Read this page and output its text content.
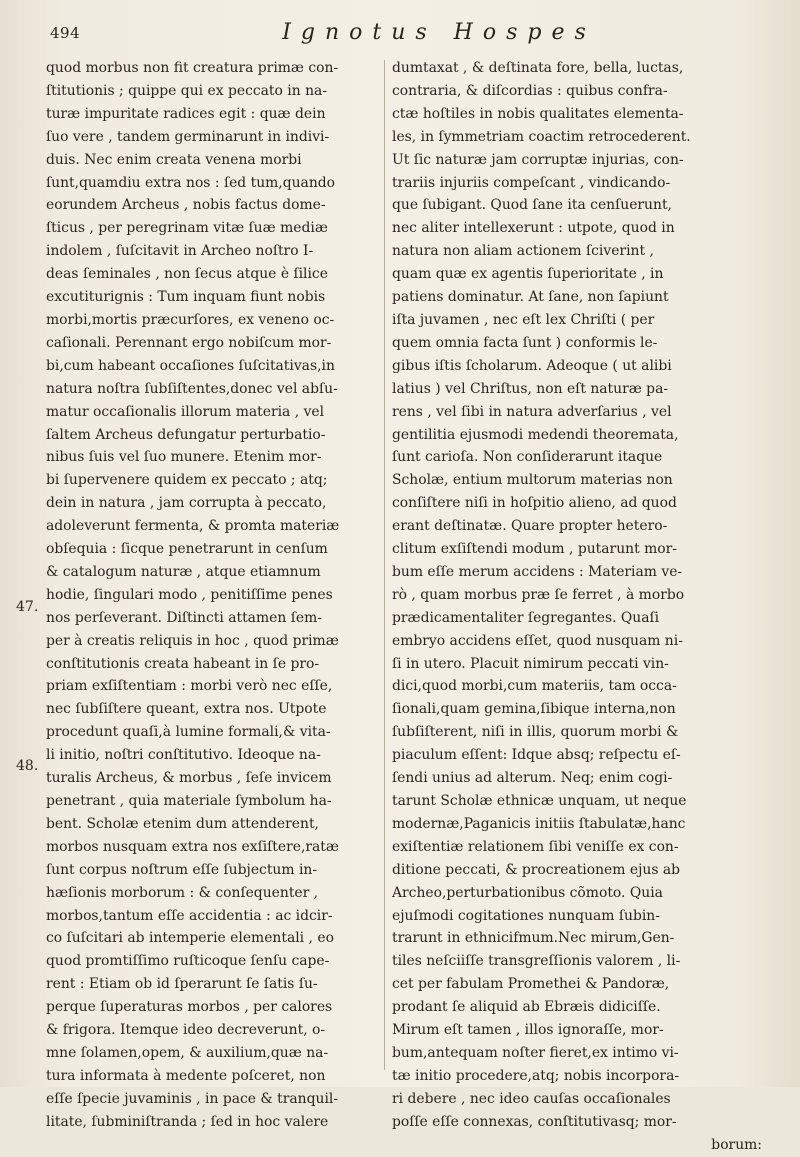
494	Ignotus Hospes
quod morbus non fit creatura primæ con-
ſtitutionis ; quippe qui ex peccato in na-
turæ impuritate radices egit : quæ dein
ſuo vere , tandem germinarunt in indivi-
duis. Nec enim creata venena morbi
ſunt,quamdiu extra nos : ſed tum,quando
eorundem Archeus , nobis factus dome-
ſticus , per peregrinam vitæ ſuæ mediæ
indolem , ſuſcitavit in Archeo noſtro I-
deas ſeminales , non ſecus atque è ſilice
excutiturignis : Tum inquam fiunt nobis
morbi,mortis præcurſores, ex veneno oc-
caſionali. Perennant ergo nobiſcum mor-
bi,cum habeant occaſiones ſuſcitativas,in
natura noſtra ſubſiſtentes,donec vel abſu-
matur occaſionalis illorum materia , vel
ſaltem Archeus defungatur perturbatio-
nibus ſuis vel ſuo munere. Etenim mor-
bi ſupervenere quidem ex peccato ; atq;
dein in natura , jam corrupta à peccato,
adoleverunt fermenta, & promta materiæ
obſequia : ſicque penetrarunt in cenſum
& catalogum naturæ , atque etiamnum
hodie, ſingulari modo , penitiſſime penes
nos perſeverant. Diſtincti attamen ſem-
per à creatis reliquis in hoc , quod primæ
conſtitutionis creata habeant in ſe pro-
priam exſiſtentiam : morbi verò nec eſſe,
nec ſubſiſtere queant, extra nos. Utpote
procedunt quaſi,à lumine formali,& vita-
li initio, noſtri conſtitutivo. Ideoque na-
turalis Archeus, & morbus , ſeſe invicem
penetrant , quia materiale ſymbolum ha-
bent. Scholæ etenim dum attenderent,
morbos nusquam extra nos exſiſtere,ratæ
ſunt corpus noſtrum eſſe ſubjectum in-
hæſionis morborum : & conſequenter ,
morbos,tantum eſſe accidentia : ac idcir-
co ſuſcitari ab intemperie elementali , eo
quod promtiſſimo ruſticoque ſenſu cape-
rent : Etiam ob id ſperarunt ſe ſatis ſu-
perque ſuperaturas morbos , per calores
& frigora. Itemque ideo decreverunt, o-
mne ſolamen,opem, & auxilium,quæ na-
tura informata à medente poſceret, non
eſſe ſpecie juvaminis , in pace & tranquil-
litate, ſubminiſtranda ; ſed in hoc valere
dumtaxat , & deſtinata fore, bella, luctas,
contraria, & diſcordias : quibus confra-
ctæ hoſtiles in nobis qualitates elementa-
les, in ſymmetriam coactim retrocederent.
Ut ſic naturæ jam corruptæ injurias, con-
trariis injuriis compeſcant , vindicando-
que ſubigant. Quod ſane ita cenſuerunt,
nec aliter intellexerunt : utpote, quod in
natura non aliam actionem ſciverint ,
quam quæ ex agentis ſuperioritate , in
patiens dominatur. At ſane, non ſapiunt
iſta juvamen , nec eſt lex Chriſti ( per
quem omnia facta ſunt ) conformis le-
gibus iſtis ſcholarum. Adeoque ( ut alibi
latius ) vel Chriſtus, non eſt naturæ pa-
rens , vel ſibi in natura adverſarius , vel
gentilitia ejusmodi medendi theoremata,
ſunt carioſa. Non conſiderarunt itaque
Scholæ, entium multorum materias non
conſiſtere niſi in hoſpitio alieno, ad quod
erant deſtinatæ. Quare propter hetero-
clitum exſiſtendi modum , putarunt mor-
bum eſſe merum accidens : Materiam ve-
rò , quam morbus præ ſe ferret , à morbo
prædicamentaliter ſegregantes. Quaſi
embryo accidens eſſet, quod nusquam ni-
ſi in utero. Placuit nimirum peccati vin-
dici,quod morbi,cum materiis, tam occa-
ſionali,quam gemina,ſibique interna,non
ſubſiſterent, niſi in illis, quorum morbi &
piaculum eſſent: Idque absq; reſpectu eſ-
ſendi unius ad alterum. Neq; enim cogi-
tarunt Scholæ ethnicæ unquam, ut neque
modernæ,Paganicis initiis ſtabulatæ,hanc
exiſtentiæ relationem ſibi veniſſe ex con-
ditione peccati, & procreationem ejus ab
Archeo,perturbationibus cõmoto. Quia
ejuſmodi cogitationes nunquam ſubin-
trarunt in ethnicifmum.Nec mirum,Gen-
tiles neſciiſſe transgreſſionis valorem , li-
cet per fabulam Promethei & Pandoræ,
prodant ſe aliquid ab Ebræis didiciſſe.
Mirum eſt tamen , illos ignoraſſe, mor-
bum,antequam noſter fieret,ex intimo vi-
tæ initio procedere,atq; nobis incorpora-
ri debere , nec ideo cauſas occaſionales
poſſe eſſe connexas, conſtitutivasq; mor-
borum:
47.
48.
